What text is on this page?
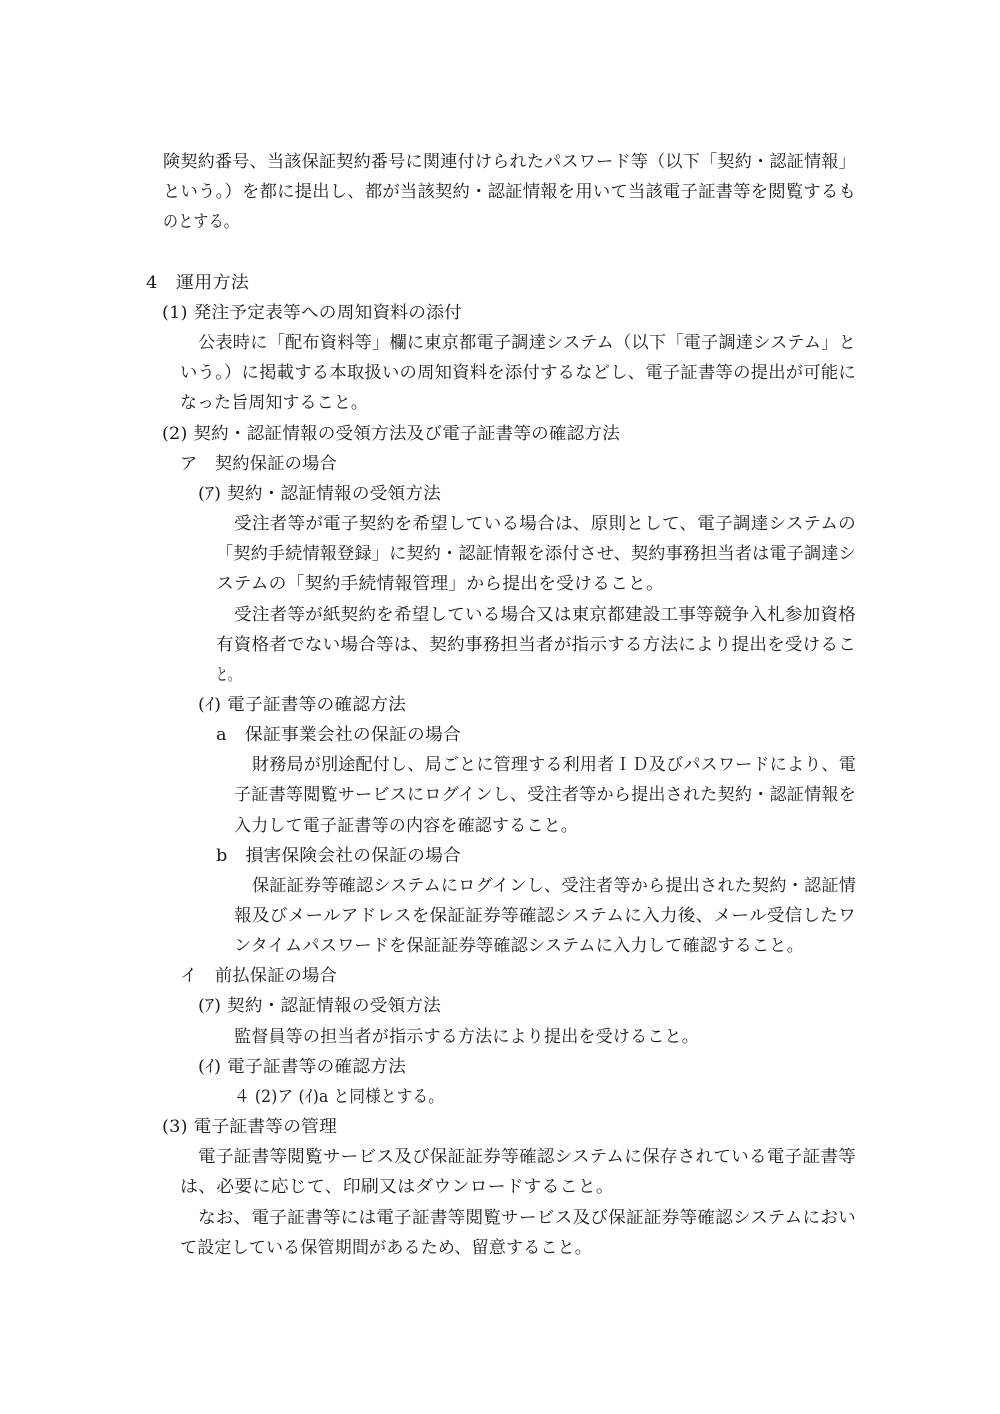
険契約番号、当該保証契約番号に関連付けられたパスワード等（以下「契約・認証情報」
という。）を都に提出し、都が当該契約・認証情報を用いて当該電子証書等を閲覧するも
のとする。
4　運用方法
(1) 発注予定表等への周知資料の添付
公表時に「配布資料等」欄に東京都電子調達システム（以下「電子調達システム」と
いう。）に掲載する本取扱いの周知資料を添付するなどし、電子証書等の提出が可能に
なった旨周知すること。
(2) 契約・認証情報の受領方法及び電子証書等の確認方法
ア　契約保証の場合
(ｱ) 契約・認証情報の受領方法
受注者等が電子契約を希望している場合は、原則として、電子調達システムの
「契約手続情報登録」に契約・認証情報を添付させ、契約事務担当者は電子調達シ
ステムの「契約手続情報管理」から提出を受けること。
受注者等が紙契約を希望している場合又は東京都建設工事等競争入札参加資格
有資格者でない場合等は、契約事務担当者が指示する方法により提出を受けるこ
と。
(ｲ) 電子証書等の確認方法
a　保証事業会社の保証の場合
財務局が別途配付し、局ごとに管理する利用者ＩＤ及びパスワードにより、電
子証書等閲覧サービスにログインし、受注者等から提出された契約・認証情報を
入力して電子証書等の内容を確認すること。
b　損害保険会社の保証の場合
保証証券等確認システムにログインし、受注者等から提出された契約・認証情
報及びメールアドレスを保証証券等確認システムに入力後、メール受信したワ
ンタイムパスワードを保証証券等確認システムに入力して確認すること。
イ　前払保証の場合
(ｱ) 契約・認証情報の受領方法
監督員等の担当者が指示する方法により提出を受けること。
(ｲ) 電子証書等の確認方法
４ (2)ア (ｲ)a と同様とする。
(3) 電子証書等の管理
電子証書等閲覧サービス及び保証証券等確認システムに保存されている電子証書等
は、必要に応じて、印刷又はダウンロードすること。
なお、電子証書等には電子証書等閲覧サービス及び保証証券等確認システムにおい
て設定している保管期間があるため、留意すること。
